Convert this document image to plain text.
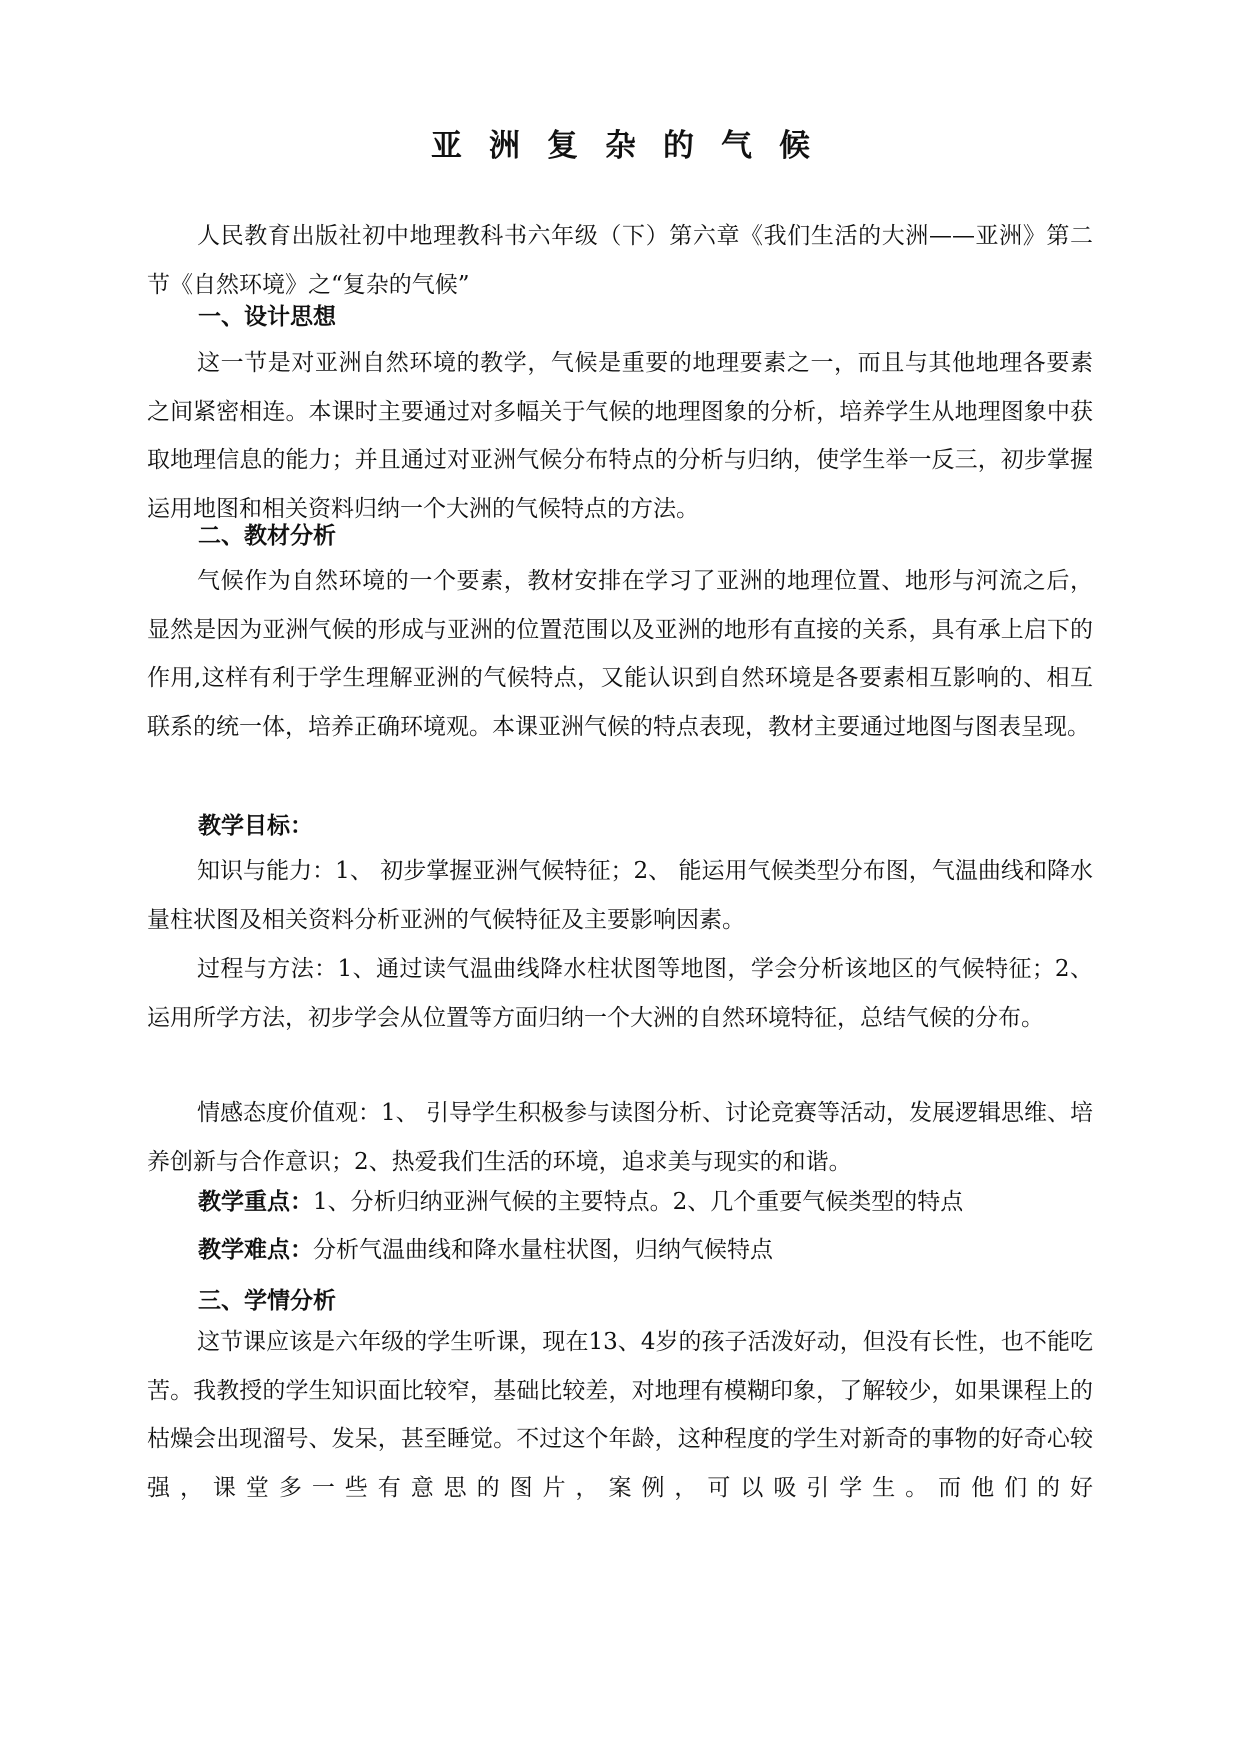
亚洲复杂的气候
人民教育出版社初中地理教科书六年级（下）第六章《我们生活的大洲——亚洲》第二节《自然环境》之“复杂的气候”
一、设计思想
这一节是对亚洲自然环境的教学，气候是重要的地理要素之一，而且与其他地理各要素之间紧密相连。本课时主要通过对多幅关于气候的地理图象的分析，培养学生从地理图象中获取地理信息的能力；并且通过对亚洲气候分布特点的分析与归纳，使学生举一反三，初步掌握运用地图和相关资料归纳一个大洲的气候特点的方法。
二、教材分析
气候作为自然环境的一个要素，教材安排在学习了亚洲的地理位置、地形与河流之后，显然是因为亚洲气候的形成与亚洲的位置范围以及亚洲的地形有直接的关系，具有承上启下的作用,这样有利于学生理解亚洲的气候特点，又能认识到自然环境是各要素相互影响的、相互联系的统一体，培养正确环境观。本课亚洲气候的特点表现，教材主要通过地图与图表呈现。
教学目标：
知识与能力：1、 初步掌握亚洲气候特征；2、 能运用气候类型分布图，气温曲线和降水量柱状图及相关资料分析亚洲的气候特征及主要影响因素。
过程与方法：1、通过读气温曲线降水柱状图等地图，学会分析该地区的气候特征；2、运用所学方法，初步学会从位置等方面归纳一个大洲的自然环境特征，总结气候的分布。
情感态度价值观：1、 引导学生积极参与读图分析、讨论竞赛等活动，发展逻辑思维、培养创新与合作意识；2、热爱我们生活的环境，追求美与现实的和谐。
教学重点：1、分析归纳亚洲气候的主要特点。2、几个重要气候类型的特点
教学难点：分析气温曲线和降水量柱状图，归纳气候特点
三、学情分析
这节课应该是六年级的学生听课，现在13、4岁的孩子活泼好动，但没有长性，也不能吃苦。我教授的学生知识面比较窄，基础比较差，对地理有模糊印象，了解较少，如果课程上的枯燥会出现溜号、发呆，甚至睡觉。不过这个年龄，这种程度的学生对新奇的事物的好奇心较强，课堂多一些有意思的图片，案例，可以吸引学生。而他们的好
